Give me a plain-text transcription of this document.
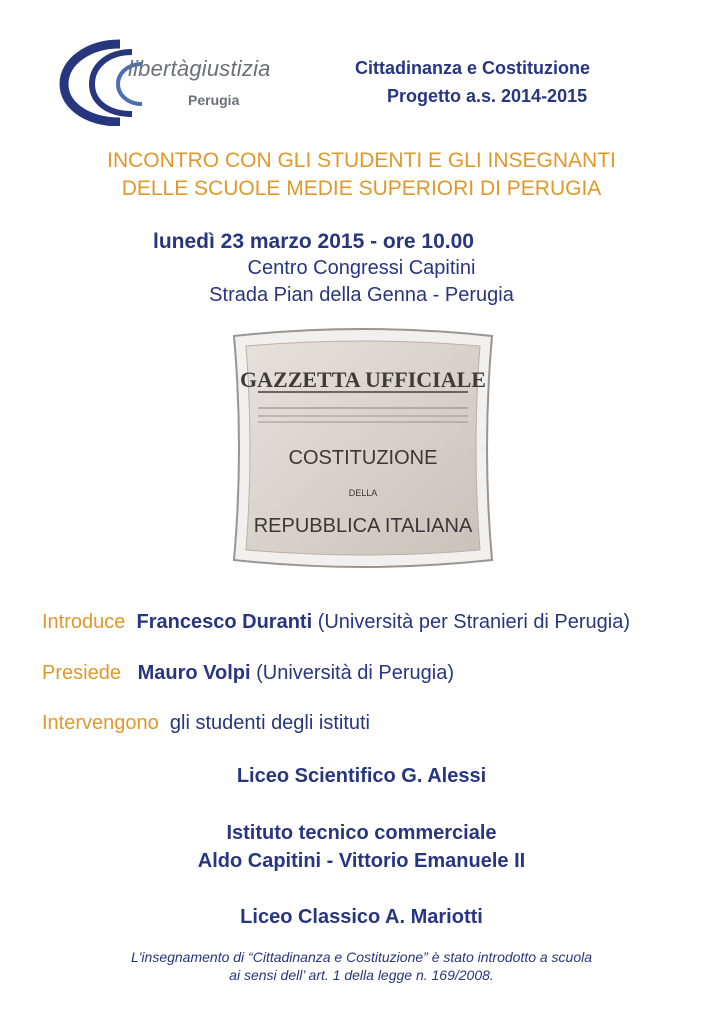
libertàgiustizia
Perugia
Cittadinanza e Costituzione
Progetto a.s. 2014-2015
INCONTRO CON GLI STUDENTI E GLI INSEGNANTI
DELLE SCUOLE MEDIE SUPERIORI DI PERUGIA
lunedì 23 marzo 2015 - ore 10.00
Centro Congressi Capitini
Strada Pian della Genna - Perugia
GAZZETTA UFFICIALE
COSTITUZIONE
DELLA
REPUBBLICA ITALIANA
Introduce Francesco Duranti (Università per Stranieri di Perugia)
Presiede Mauro Volpi (Università di Perugia)
Intervengono gli studenti degli istituti
Liceo Scientifico G. Alessi
Istituto tecnico commerciale
Aldo Capitini - Vittorio Emanuele II
Liceo Classico A. Mariotti
L'insegnamento di “Cittadinanza e Costituzione” è stato introdotto a scuola
ai sensi dell’ art. 1 della legge n. 169/2008.
